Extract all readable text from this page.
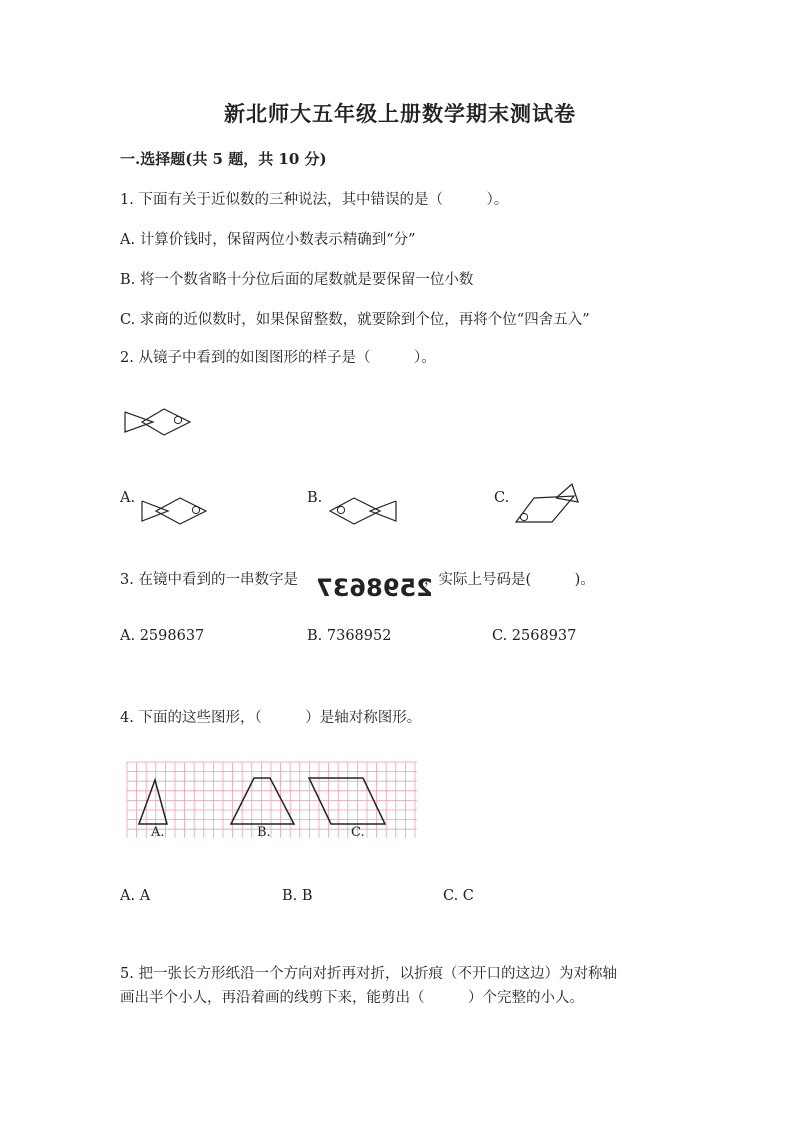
新北师大五年级上册数学期末测试卷
一.选择题(共 5 题，共 10 分)
1. 下面有关于近似数的三种说法，其中错误的是（　　　）。
A. 计算价钱时，保留两位小数表示精确到“分”
B. 将一个数省略十分位后面的尾数就是要保留一位小数
C. 求商的近似数时，如果保留整数，就要除到个位，再将个位“四舍五入”
2. 从镜子中看到的如图图形的样子是（　　　）。
A.	B.	C.
3. 在镜中看到的一串数字是 2598637
，实际上号码是(　　　)。
A. 2598637	B. 7368952	C. 2568937
4. 下面的这些图形，（　　　）是轴对称图形。
A.	B.	C.
A. A	B. B	C. C
5. 把一张长方形纸沿一个方向对折再对折，以折痕（不开口的这边）为对称轴
画出半个小人，再沿着画的线剪下来，能剪出（　　　）个完整的小人。
